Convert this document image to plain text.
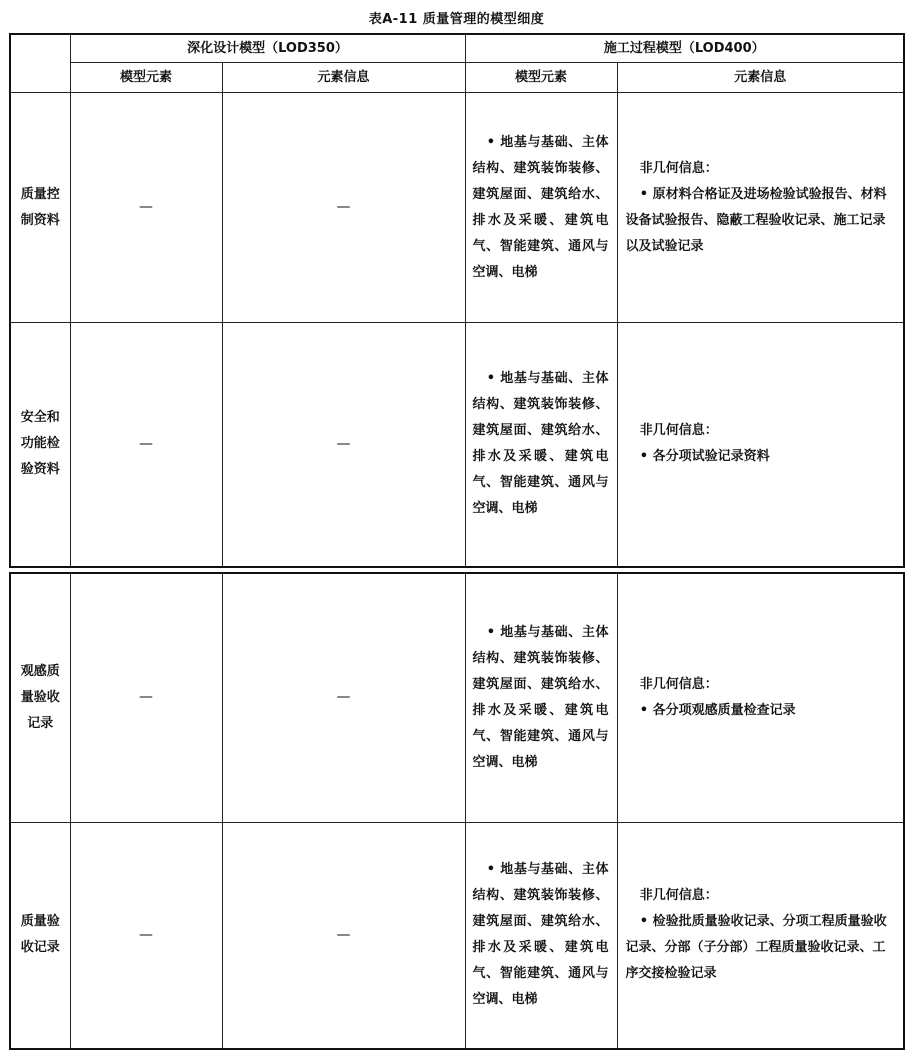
表A-11 质量管理的模型细度
	深化设计模型（LOD350）		施工过程模型（LOD400）	
	模型元素	元素信息	模型元素	元素信息
质量控制资料	—	—	• 地基与基础、主体结构、建筑装饰装修、建筑屋面、建筑给水、排水及采暖、建筑电气、智能建筑、通风与空调、电梯	非几何信息：
• 原材料合格证及进场检验试验报告、材料设备试验报告、隐蔽工程验收记录、施工记录以及试验记录

安全和功能检验资料	—	—	• 地基与基础、主体结构、建筑装饰装修、建筑屋面、建筑给水、排水及采暖、建筑电气、智能建筑、通风与空调、电梯	非几何信息：
• 各分项试验记录资料

观感质量验收记录	—	—	• 地基与基础、主体结构、建筑装饰装修、建筑屋面、建筑给水、排水及采暖、建筑电气、智能建筑、通风与空调、电梯	非几何信息：
• 各分项观感质量检查记录

质量验收记录	—	—	• 地基与基础、主体结构、建筑装饰装修、建筑屋面、建筑给水、排水及采暖、建筑电气、智能建筑、通风与空调、电梯	非几何信息：
• 检验批质量验收记录、分项工程质量验收记录、分部（子分部）工程质量验收记录、工序交接检验记录
